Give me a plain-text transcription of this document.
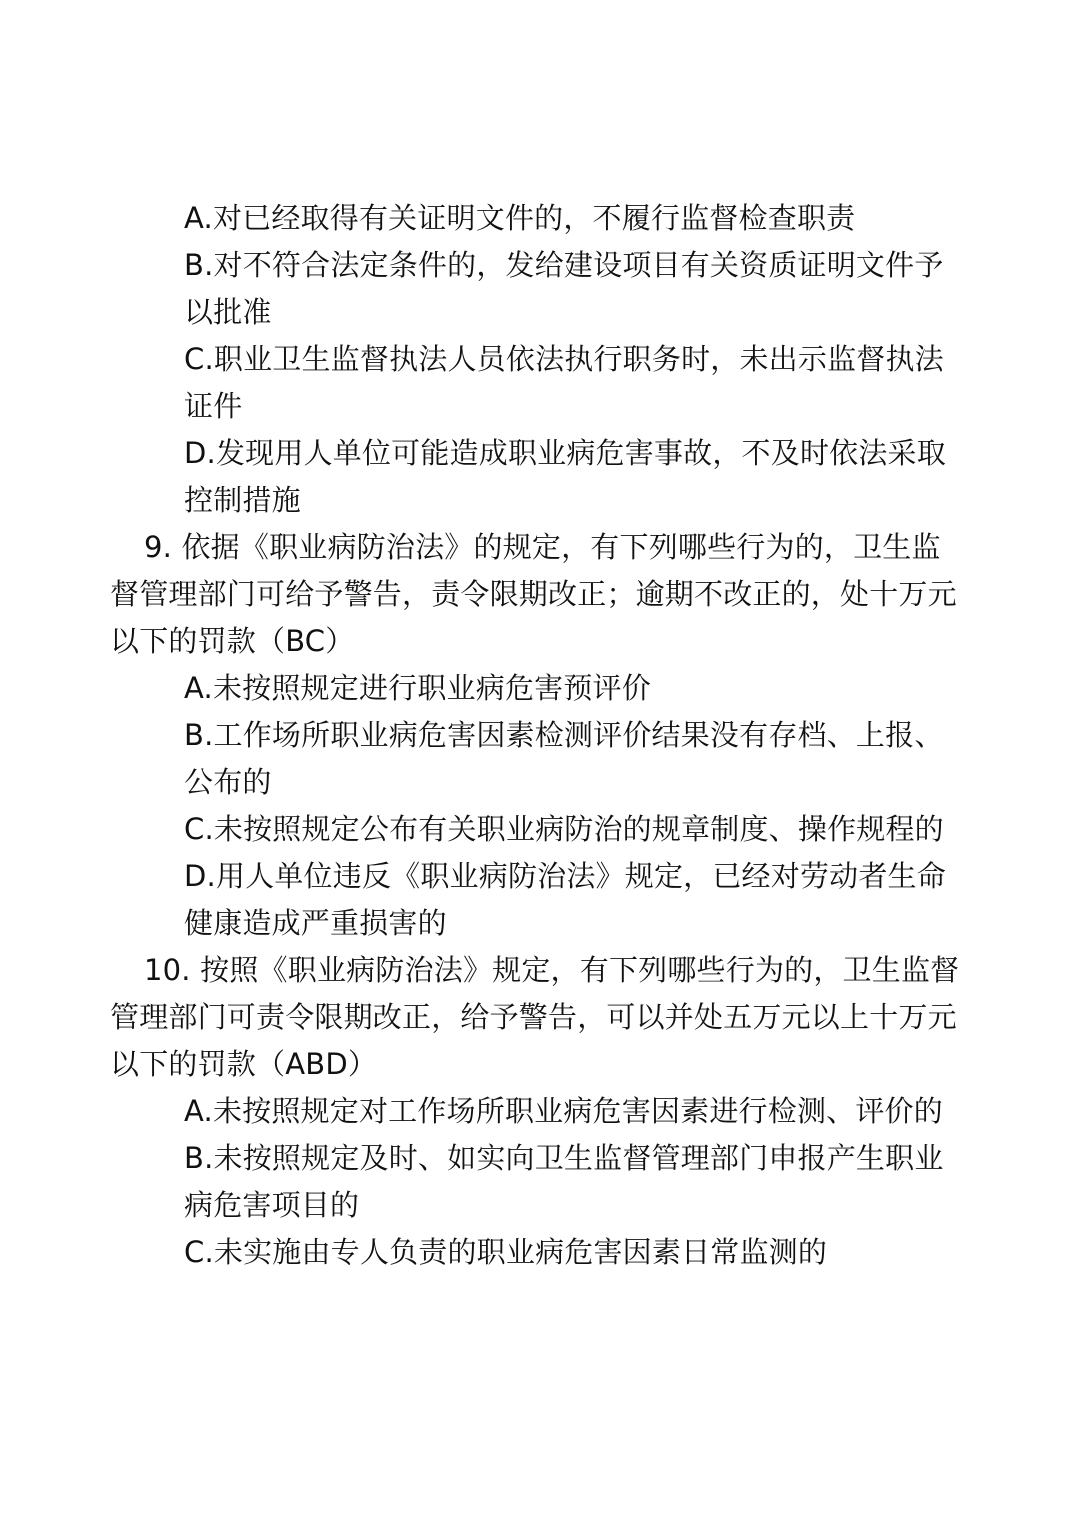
A.对已经取得有关证明文件的，不履行监督检查职责
B.对不符合法定条件的，发给建设项目有关资质证明文件予
以批准
C.职业卫生监督执法人员依法执行职务时，未出示监督执法
证件
D.发现用人单位可能造成职业病危害事故，不及时依法采取
控制措施
9. 依据《职业病防治法》的规定，有下列哪些行为的，卫生监
督管理部门可给予警告，责令限期改正；逾期不改正的，处十万元
以下的罚款（BC）
A.未按照规定进行职业病危害预评价
B.工作场所职业病危害因素检测评价结果没有存档、上报、
公布的
C.未按照规定公布有关职业病防治的规章制度、操作规程的
D.用人单位违反《职业病防治法》规定，已经对劳动者生命
健康造成严重损害的
10. 按照《职业病防治法》规定，有下列哪些行为的，卫生监督
管理部门可责令限期改正，给予警告，可以并处五万元以上十万元
以下的罚款（ABD）
A.未按照规定对工作场所职业病危害因素进行检测、评价的
B.未按照规定及时、如实向卫生监督管理部门申报产生职业
病危害项目的
C.未实施由专人负责的职业病危害因素日常监测的
